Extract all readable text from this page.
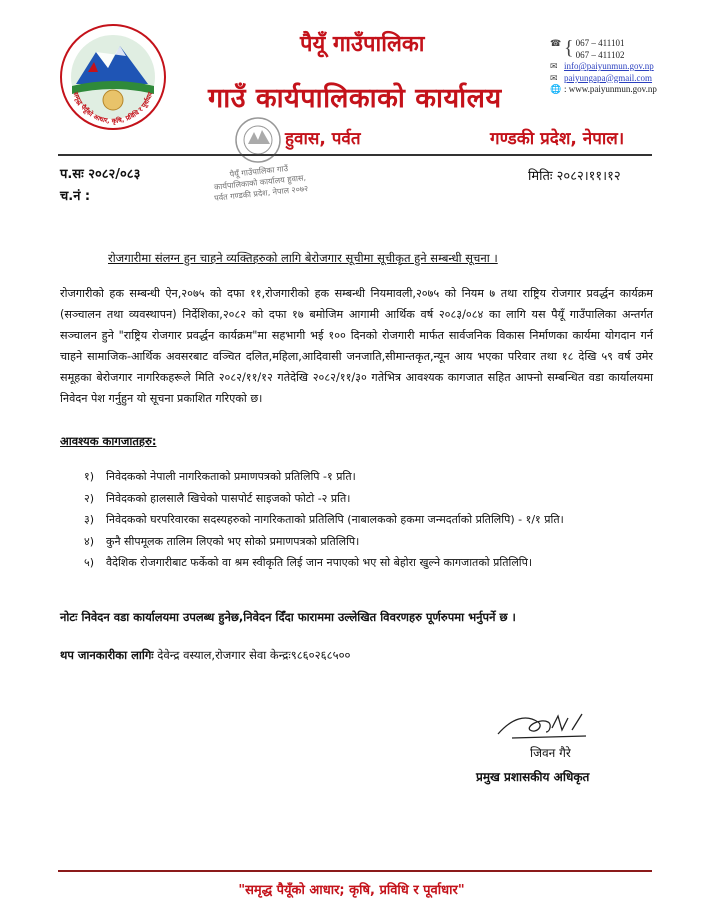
समृद्ध पैयूँको आधार, कृषि, प्रविधि र पूर्वाधार
पैयूँ गाउँपालिका
गाउँ कार्यपालिकाको कार्यालय
हुवास, पर्वत	गण्डकी प्रदेश, नेपाल।
☎ { 067 – 411101
067 – 411102
✉ info@paiyunmun.gov.np
✉ paiyungapa@gmail.com
🌐 : www.paiyunmun.gov.np
पैयूँ गाउँपालिका गाउँ कार्यपालिकाको कार्यालय हुवास, पर्वत गण्डकी प्रदेश, नेपाल २०७२
प.सः २०८२/०८३
च.नं :
मितिः २०८२।११।१२
रोजगारीमा संलग्न हुन चाहने व्यक्तिहरुको लागि बेरोजगार सूचीमा सूचीकृत हुने सम्बन्धी सूचना ।
रोजगारीको हक सम्बन्धी ऐन,२०७५ को दफा ११,रोजगारीको हक सम्बन्धी नियमावली,२०७५ को नियम ७ तथा राष्ट्रिय रोजगार प्रवर्द्धन कार्यक्रम (सञ्चालन तथा व्यवस्थापन) निर्देशिका,२०८२ को दफा १७ बमोजिम आगामी आर्थिक वर्ष २०८३/०८४ का लागि यस पैयूँ गाउँपालिका अन्तर्गत सञ्चालन हुने "राष्ट्रिय रोजगार प्रवर्द्धन कार्यक्रम"मा सहभागी भई १०० दिनको रोजगारी मार्फत सार्वजनिक विकास निर्माणका कार्यमा योगदान गर्न चाहने सामाजिक-आर्थिक अवसरबाट वञ्चित दलित,महिला,आदिवासी जनजाति,सीमान्तकृत,न्यून आय भएका परिवार तथा १८ देखि ५९ वर्ष उमेर समूहका बेरोजगार नागरिकहरूले मिति २०८२/११/१२ गतेदेखि २०८२/११/३० गतेभित्र आवश्यक कागजात सहित आफ्नो सम्बन्धित वडा कार्यालयमा निवेदन पेश गर्नुहुन यो सूचना प्रकाशित गरिएको छ।
आवश्यक कागजातहरु:
१)	निवेदकको नेपाली नागरिकताको प्रमाणपत्रको प्रतिलिपि -१ प्रति।
२)	निवेदकको हालसालै खिचेको पासपोर्ट साइजको फोटो -२ प्रति।
३)	निवेदकको घरपरिवारका सदस्यहरुको नागरिकताको प्रतिलिपि (नाबालकको हकमा जन्मदर्ताको प्रतिलिपि) - १/१ प्रति।
४)	कुनै सीपमूलक तालिम लिएको भए सोको प्रमाणपत्रको प्रतिलिपि।
५)	वैदेशिक रोजगारीबाट फर्केको वा श्रम स्वीकृति लिई जान नपाएको भए सो बेहोरा खुल्ने कागजातको प्रतिलिपि।
नोटः निवेदन वडा कार्यालयमा उपलब्ध हुनेछ,निवेदन दिँदा फाराममा उल्लेखित विवरणहरु पूर्णरुपमा भर्नुपर्ने छ ।
थप जानकारीका लागिः देवेन्द्र वस्याल,रोजगार सेवा केन्द्रः९८६०२६८५००
जिवन गैरे
प्रमुख प्रशासकीय अधिकृत
"समृद्ध पैयूँको आधार; कृषि, प्रविधि र पूर्वाधार"
